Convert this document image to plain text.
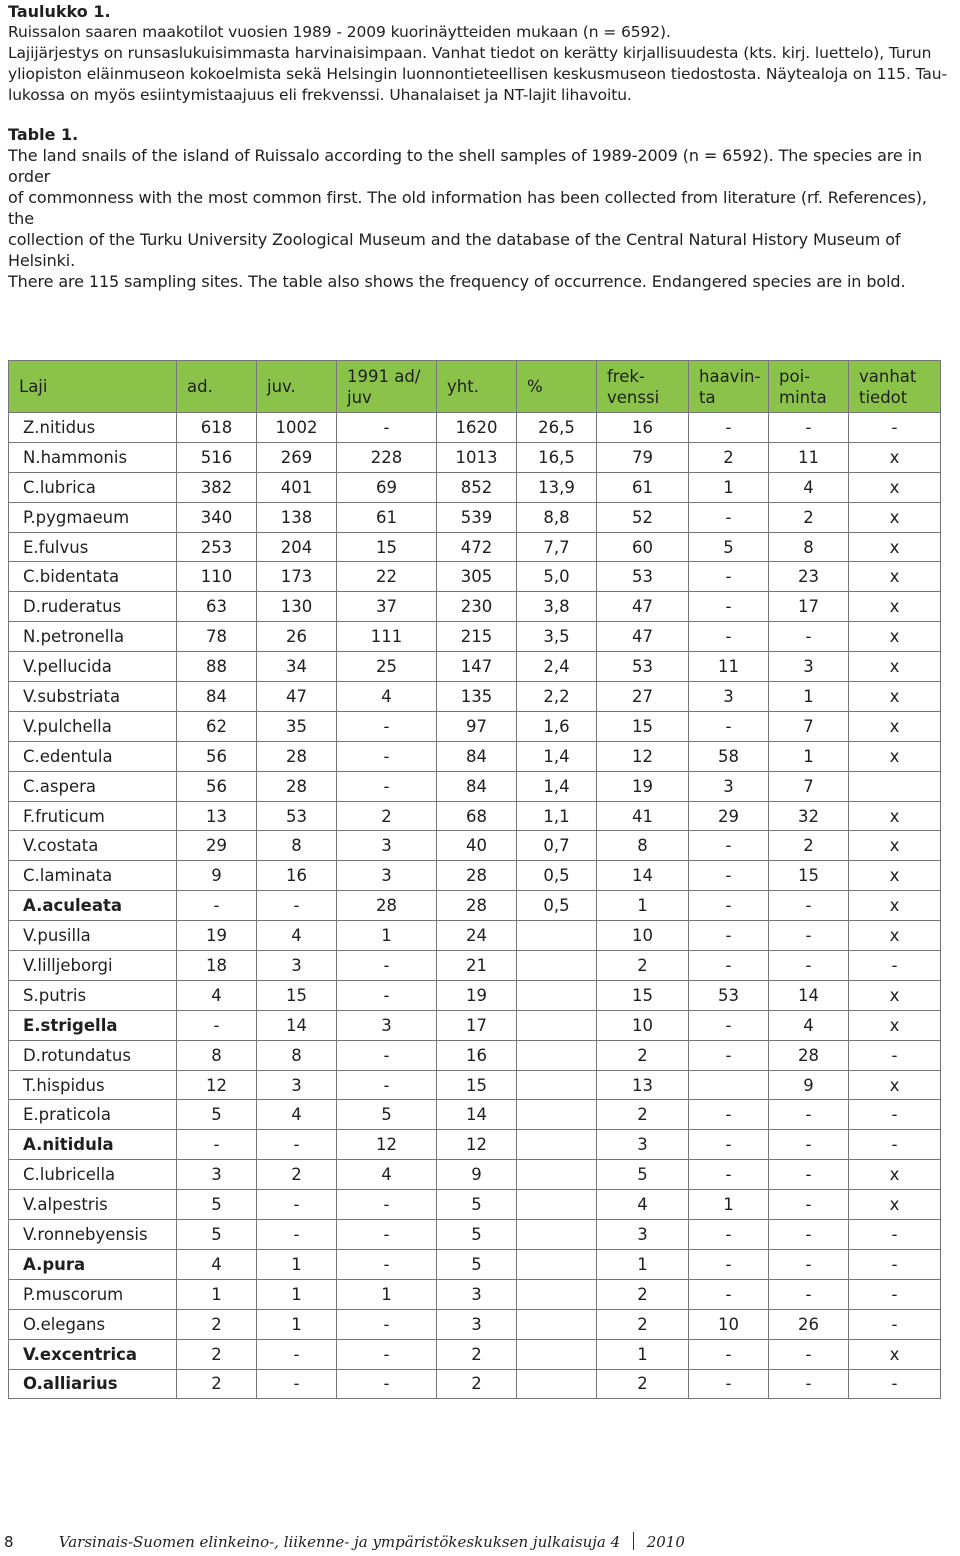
Taulukko 1.

Ruissalon saaren maakotilot vuosien 1989 - 2009 kuorinäytteiden mukaan (n = 6592).

Lajijärjestys on runsaslukuisimmasta harvinaisimpaan. Vanhat tiedot on kerätty kirjallisuudesta (kts. kirj. luettelo), Turun

yliopiston eläinmuseon kokoelmista sekä Helsingin luonnontieteellisen keskusmuseon tiedostosta. Näytealoja on 115. Tau-

lukossa on myös esiintymistaajuus eli frekvenssi. Uhanalaiset ja NT-lajit lihavoitu.

Table 1.

The land snails of the island of Ruissalo according to the shell samples of 1989-2009 (n = 6592). The species are in order

of commonness with the most common first. The old information has been collected from literature (rf. References), the

collection of the Turku University Zoological Museum and the database of the Central Natural History Museum of Helsinki.

There are 115 sampling sites. The table also shows the frequency of occurrence. Endangered species are in bold.

Laji	ad.	juv.	1991 ad/ juv	yht.	%	frek- venssi	haavin- ta	poi- minta	vanhat tiedot
Z.nitidus	618	1002	-	1620	26,5	16	-	-	-
N.hammonis	516	269	228	1013	16,5	79	2	11	x
C.lubrica	382	401	69	852	13,9	61	1	4	x
P.pygmaeum	340	138	61	539	8,8	52	-	2	x
E.fulvus	253	204	15	472	7,7	60	5	8	x
C.bidentata	110	173	22	305	5,0	53	-	23	x
D.ruderatus	63	130	37	230	3,8	47	-	17	x
N.petronella	78	26	111	215	3,5	47	-	-	x
V.pellucida	88	34	25	147	2,4	53	11	3	x
V.substriata	84	47	4	135	2,2	27	3	1	x
V.pulchella	62	35	-	97	1,6	15	-	7	x
C.edentula	56	28	-	84	1,4	12	58	1	x
C.aspera	56	28	-	84	1,4	19	3	7	
F.fruticum	13	53	2	68	1,1	41	29	32	x
V.costata	29	8	3	40	0,7	8	-	2	x
C.laminata	9	16	3	28	0,5	14	-	15	x
A.aculeata	-	-	28	28	0,5	1	-	-	x
V.pusilla	19	4	1	24		10	-	-	x
V.lilljeborgi	18	3	-	21		2	-	-	-
S.putris	4	15	-	19		15	53	14	x
E.strigella	-	14	3	17		10	-	4	x
D.rotundatus	8	8	-	16		2	-	28	-
T.hispidus	12	3	-	15		13		9	x
E.praticola	5	4	5	14		2	-	-	-
A.nitidula	-	-	12	12		3	-	-	-
C.lubricella	3	2	4	9		5	-	-	x
V.alpestris	5	-	-	5		4	1	-	x
V.ronnebyensis	5	-	-	5		3	-	-	-
A.pura	4	1	-	5		1	-	-	-
P.muscorum	1	1	1	3		2	-	-	-
O.elegans	2	1	-	3		2	10	26	-
V.excentrica	2	-	-	2		1	-	-	x
O.alliarius	2	-	-	2		2	-	-	-
8	Varsinais-Suomen elinkeino-, liikenne- ja ympäristökeskuksen julkaisuja 4 2010
